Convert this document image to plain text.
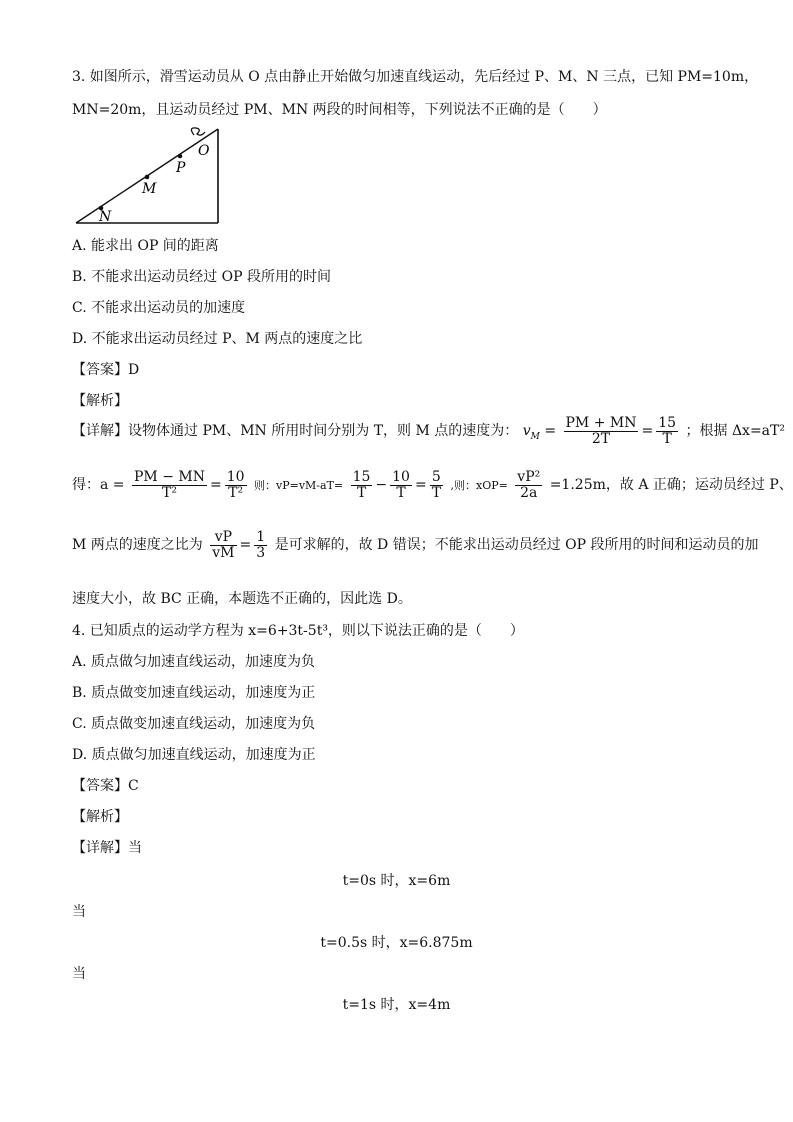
3. 如图所示，滑雪运动员从 O 点由静止开始做匀加速直线运动，先后经过 P、M、N 三点，已知 PM=10m，
MN=20m，且运动员经过 PM、MN 两段的时间相等，下列说法不正确的是（　　）
O
P
M
N
A. 能求出 OP 间的距离
B. 不能求出运动员经过 OP 段所用的时间
C. 不能求出运动员的加速度
D. 不能求出运动员经过 P、M 两点的速度之比
【答案】D
【解析】
【详解】设物体通过 PM、MN 所用时间分别为 T，则 M 点的速度为： $v_M = \frac{PM + MN}{2T} = \frac{15}{T}$ ；根据 Δx=aT²
得：$a = \frac{PM - MN}{\text{T²}} = \frac{10}{\text{T²}}$ 则：$vP=vM-aT= \frac{15}{T} - \frac{10}{T} = \frac{5}{T}$ ,则：$xOP= \frac{\text{vP²}}{2a} =1.25m$，故 A 正确；运动员经过 P、
M 两点的速度之比为 $\frac{vP}{vM} = \frac{1}{3}$ 是可求解的，故 D 错误；不能求出运动员经过 OP 段所用的时间和运动员的加
速度大小，故 BC 正确，本题选不正确的，因此选 D。
4. 已知质点的运动学方程为 x=6+3t-5t³，则以下说法正确的是（　　）
A. 质点做匀加速直线运动，加速度为负
B. 质点做变加速直线运动，加速度为正
C. 质点做变加速直线运动，加速度为负
D. 质点做匀加速直线运动，加速度为正
【答案】C
【解析】
【详解】当
t=0s 时，x=6m
当
t=0.5s 时，x=6.875m
当
t=1s 时，x=4m
